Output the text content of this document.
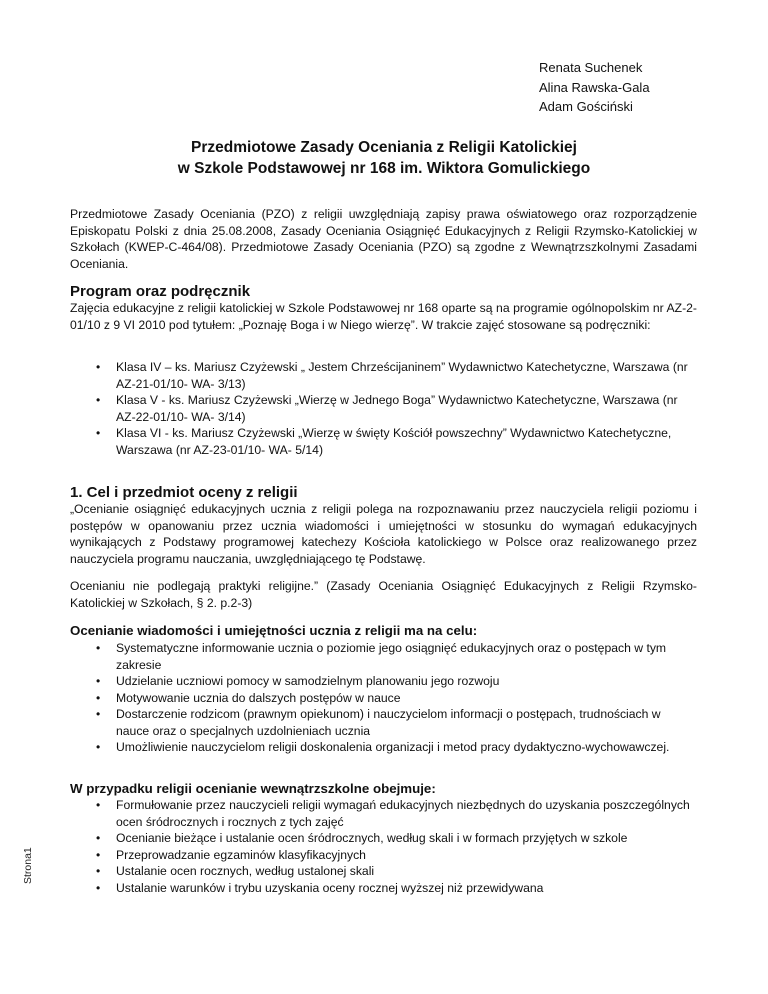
Renata Suchenek
Alina Rawska-Gala
Adam Gościński
Przedmiotowe Zasady Oceniania z Religii Katolickiej
w Szkole Podstawowej nr 168 im. Wiktora Gomulickiego
Przedmiotowe Zasady Oceniania (PZO) z religii uwzględniają zapisy prawa oświatowego oraz rozporządzenie Episkopatu Polski z dnia 25.08.2008, Zasady Oceniania Osiągnięć Edukacyjnych z Religii Rzymsko-Katolickiej w Szkołach (KWEP-C-464/08). Przedmiotowe Zasady Oceniania (PZO) są zgodne z Wewnątrzszkolnymi Zasadami Oceniania.
Program oraz podręcznik
Zajęcia edukacyjne z religii katolickiej w Szkole Podstawowej nr 168 oparte są na programie ogólnopolskim nr AZ-2-01/10 z 9 VI 2010 pod tytułem: „Poznaję Boga i w Niego wierzę”. W trakcie zajęć stosowane są podręczniki:
• Klasa IV – ks. Mariusz Czyżewski „ Jestem Chrześcijaninem” Wydawnictwo Katechetyczne, Warszawa (nr AZ-21-01/10- WA- 3/13)
• Klasa V - ks. Mariusz Czyżewski „Wierzę w Jednego Boga” Wydawnictwo Katechetyczne, Warszawa (nr AZ-22-01/10- WA- 3/14)
• Klasa VI - ks. Mariusz Czyżewski „Wierzę w święty Kościół powszechny” Wydawnictwo Katechetyczne, Warszawa (nr AZ-23-01/10- WA- 5/14)
1. Cel i przedmiot oceny z religii
„Ocenianie osiągnięć edukacyjnych ucznia z religii polega na rozpoznawaniu przez nauczyciela religii poziomu i postępów w opanowaniu przez ucznia wiadomości i umiejętności w stosunku do wymagań edukacyjnych wynikających z Podstawy programowej katechezy Kościoła katolickiego w Polsce oraz realizowanego przez nauczyciela programu nauczania, uwzględniającego tę Podstawę.
Ocenianiu nie podlegają praktyki religijne.” (Zasady Oceniania Osiągnięć Edukacyjnych z Religii Rzymsko-Katolickiej w Szkołach, § 2. p.2-3)
Ocenianie wiadomości i umiejętności ucznia z religii ma na celu:
• Systematyczne informowanie ucznia o poziomie jego osiągnięć edukacyjnych oraz o postępach w tym zakresie
• Udzielanie uczniowi pomocy w samodzielnym planowaniu jego rozwoju
• Motywowanie ucznia do dalszych postępów w nauce
• Dostarczenie rodzicom (prawnym opiekunom) i nauczycielom informacji o postępach, trudnościach w nauce oraz o specjalnych uzdolnieniach ucznia
• Umożliwienie nauczycielom religii doskonalenia organizacji i metod pracy dydaktyczno-wychowawczej.
W przypadku religii ocenianie wewnątrzszkolne obejmuje:
• Formułowanie przez nauczycieli religii wymagań edukacyjnych niezbędnych do uzyskania poszczególnych ocen śródrocznych i rocznych z tych zajęć
• Ocenianie bieżące i ustalanie ocen śródrocznych, według skali i w formach przyjętych w szkole
• Przeprowadzanie egzaminów klasyfikacyjnych
• Ustalanie ocen rocznych, według ustalonej skali
• Ustalanie warunków i trybu uzyskania oceny rocznej wyższej niż przewidywana
Strona1
